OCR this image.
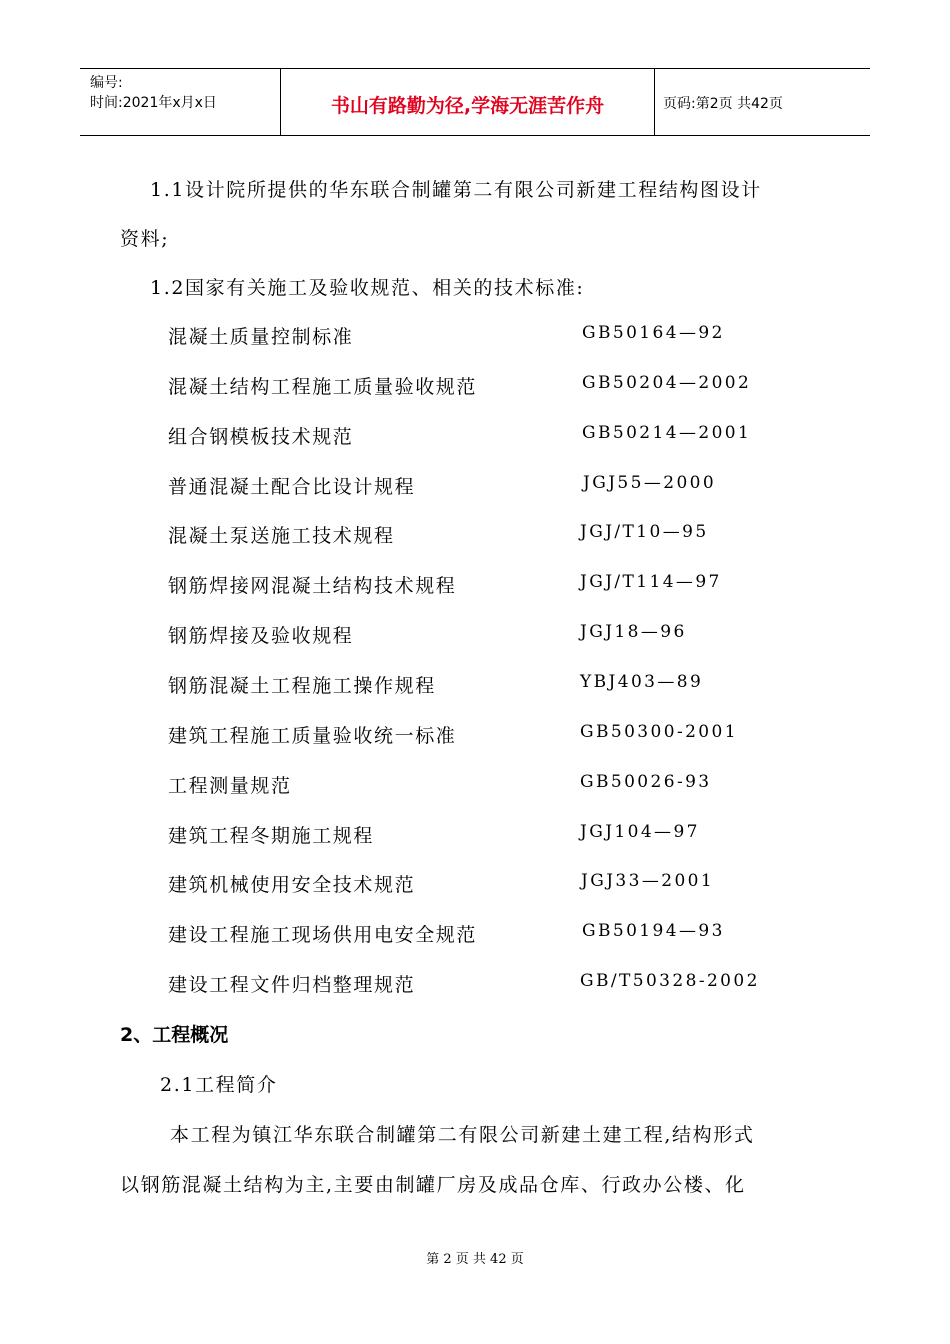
编号:
时间:2021年x月x日	书山有路勤为径,学海无涯苦作舟	页码:第2页 共42页
1.1设计院所提供的华东联合制罐第二有限公司新建工程结构图设计
资料;
1.2国家有关施工及验收规范、相关的技术标准:
混凝土质量控制标准	GB50164—92
混凝土结构工程施工质量验收规范	GB50204—2002
组合钢模板技术规范	GB50214—2001
普通混凝土配合比设计规程	JGJ55—2000
混凝土泵送施工技术规程	JGJ/T10—95
钢筋焊接网混凝土结构技术规程	JGJ/T114—97
钢筋焊接及验收规程	JGJ18—96
钢筋混凝土工程施工操作规程	YBJ403—89
建筑工程施工质量验收统一标准	GB50300-2001
工程测量规范	GB50026-93
建筑工程冬期施工规程	JGJ104—97
建筑机械使用安全技术规范	JGJ33—2001
建设工程施工现场供用电安全规范	GB50194—93
建设工程文件归档整理规范	GB/T50328-2002
2、工程概况
2.1工程简介
本工程为镇江华东联合制罐第二有限公司新建土建工程,结构形式
以钢筋混凝土结构为主,主要由制罐厂房及成品仓库、行政办公楼、化
第 2 页 共 42 页
